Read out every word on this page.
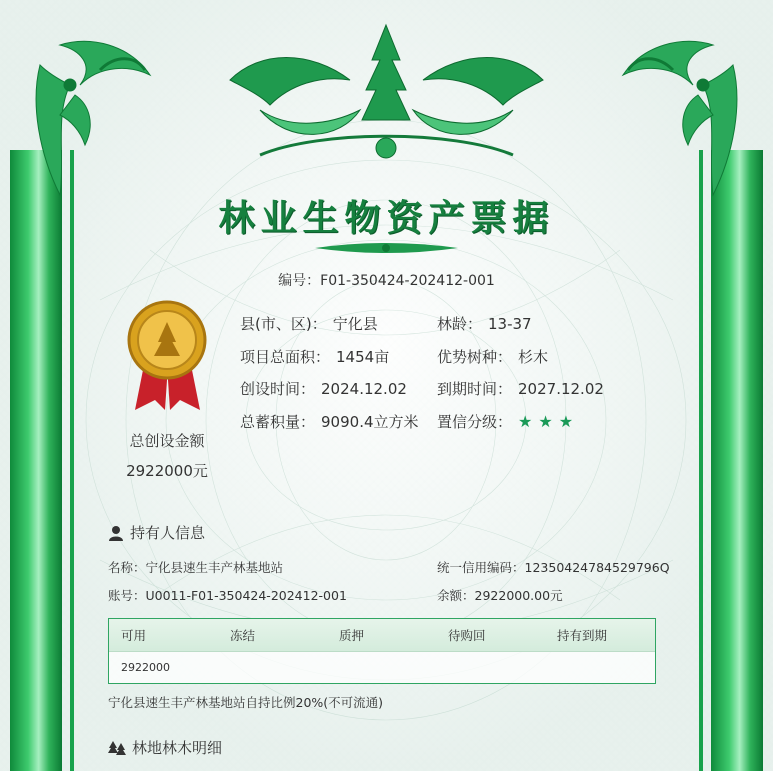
林业生物资产票据
编号：F01-350424-202412-001
总创设金额
2922000元
县(市、区)： 宁化县	林龄： 13-37
项目总面积： 1454亩	优势树种： 杉木
创设时间： 2024.12.02 到期时间： 2027.12.02
总蓄积量： 9090.4立方米 置信分级： ★★★
持有人信息
名称：宁化县速生丰产林基地站	统一信用编码：12350424784529796Q
账号：U0011-F01-350424-202412-001	余额：2922000.00元
可用	冻结	质押	待购回	持有到期
2922000
宁化县速生丰产林基地站自持比例20%(不可流通)
林地林木明细
